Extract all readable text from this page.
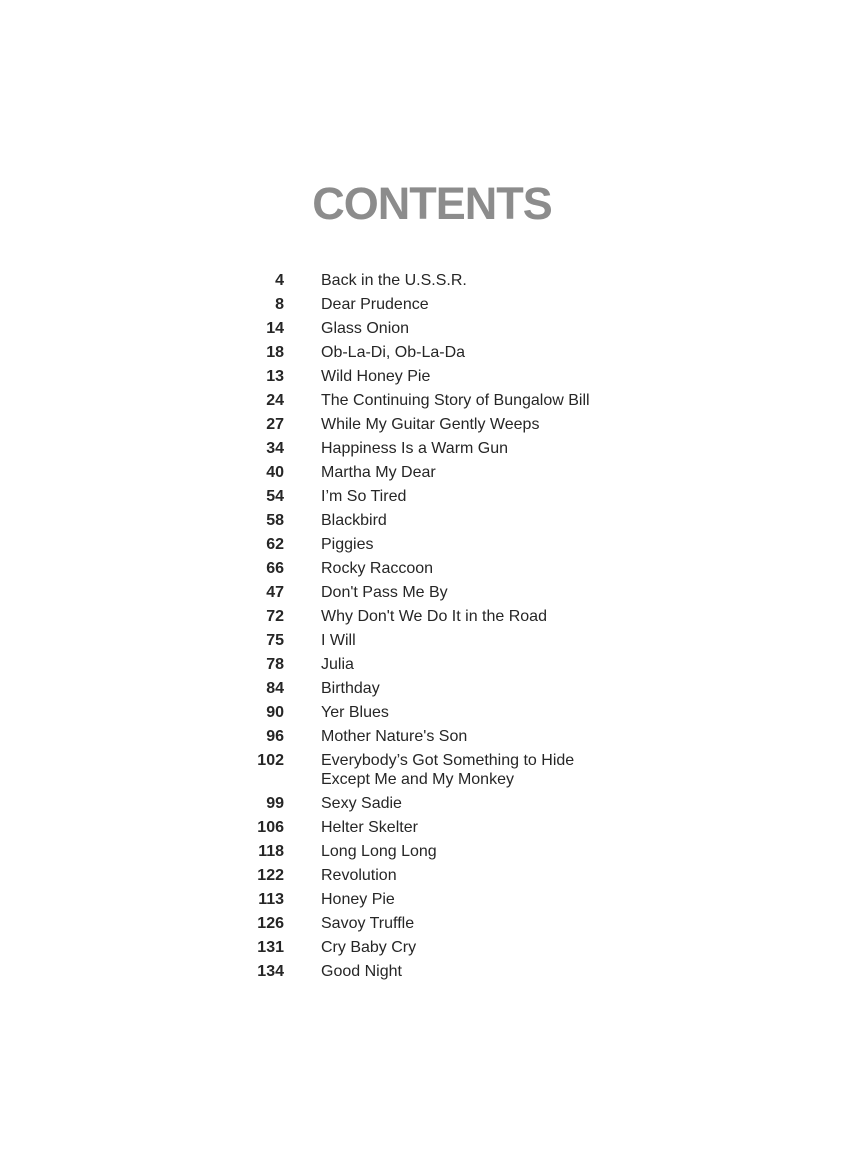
CONTENTS
4 Back in the U.S.S.R.
8 Dear Prudence
14 Glass Onion
18 Ob-La-Di, Ob-La-Da
13 Wild Honey Pie
24 The Continuing Story of Bungalow Bill
27 While My Guitar Gently Weeps
34 Happiness Is a Warm Gun
40 Martha My Dear
54 I’m So Tired
58 Blackbird
62 Piggies
66 Rocky Raccoon
47 Don't Pass Me By
72 Why Don't We Do It in the Road
75 I Will
78 Julia
84 Birthday
90 Yer Blues
96 Mother Nature's Son
102 Everybody’s Got Something to Hide
Except Me and My Monkey
99 Sexy Sadie
106 Helter Skelter
118 Long Long Long
122 Revolution
113 Honey Pie
126 Savoy Truffle
131 Cry Baby Cry
134 Good Night
